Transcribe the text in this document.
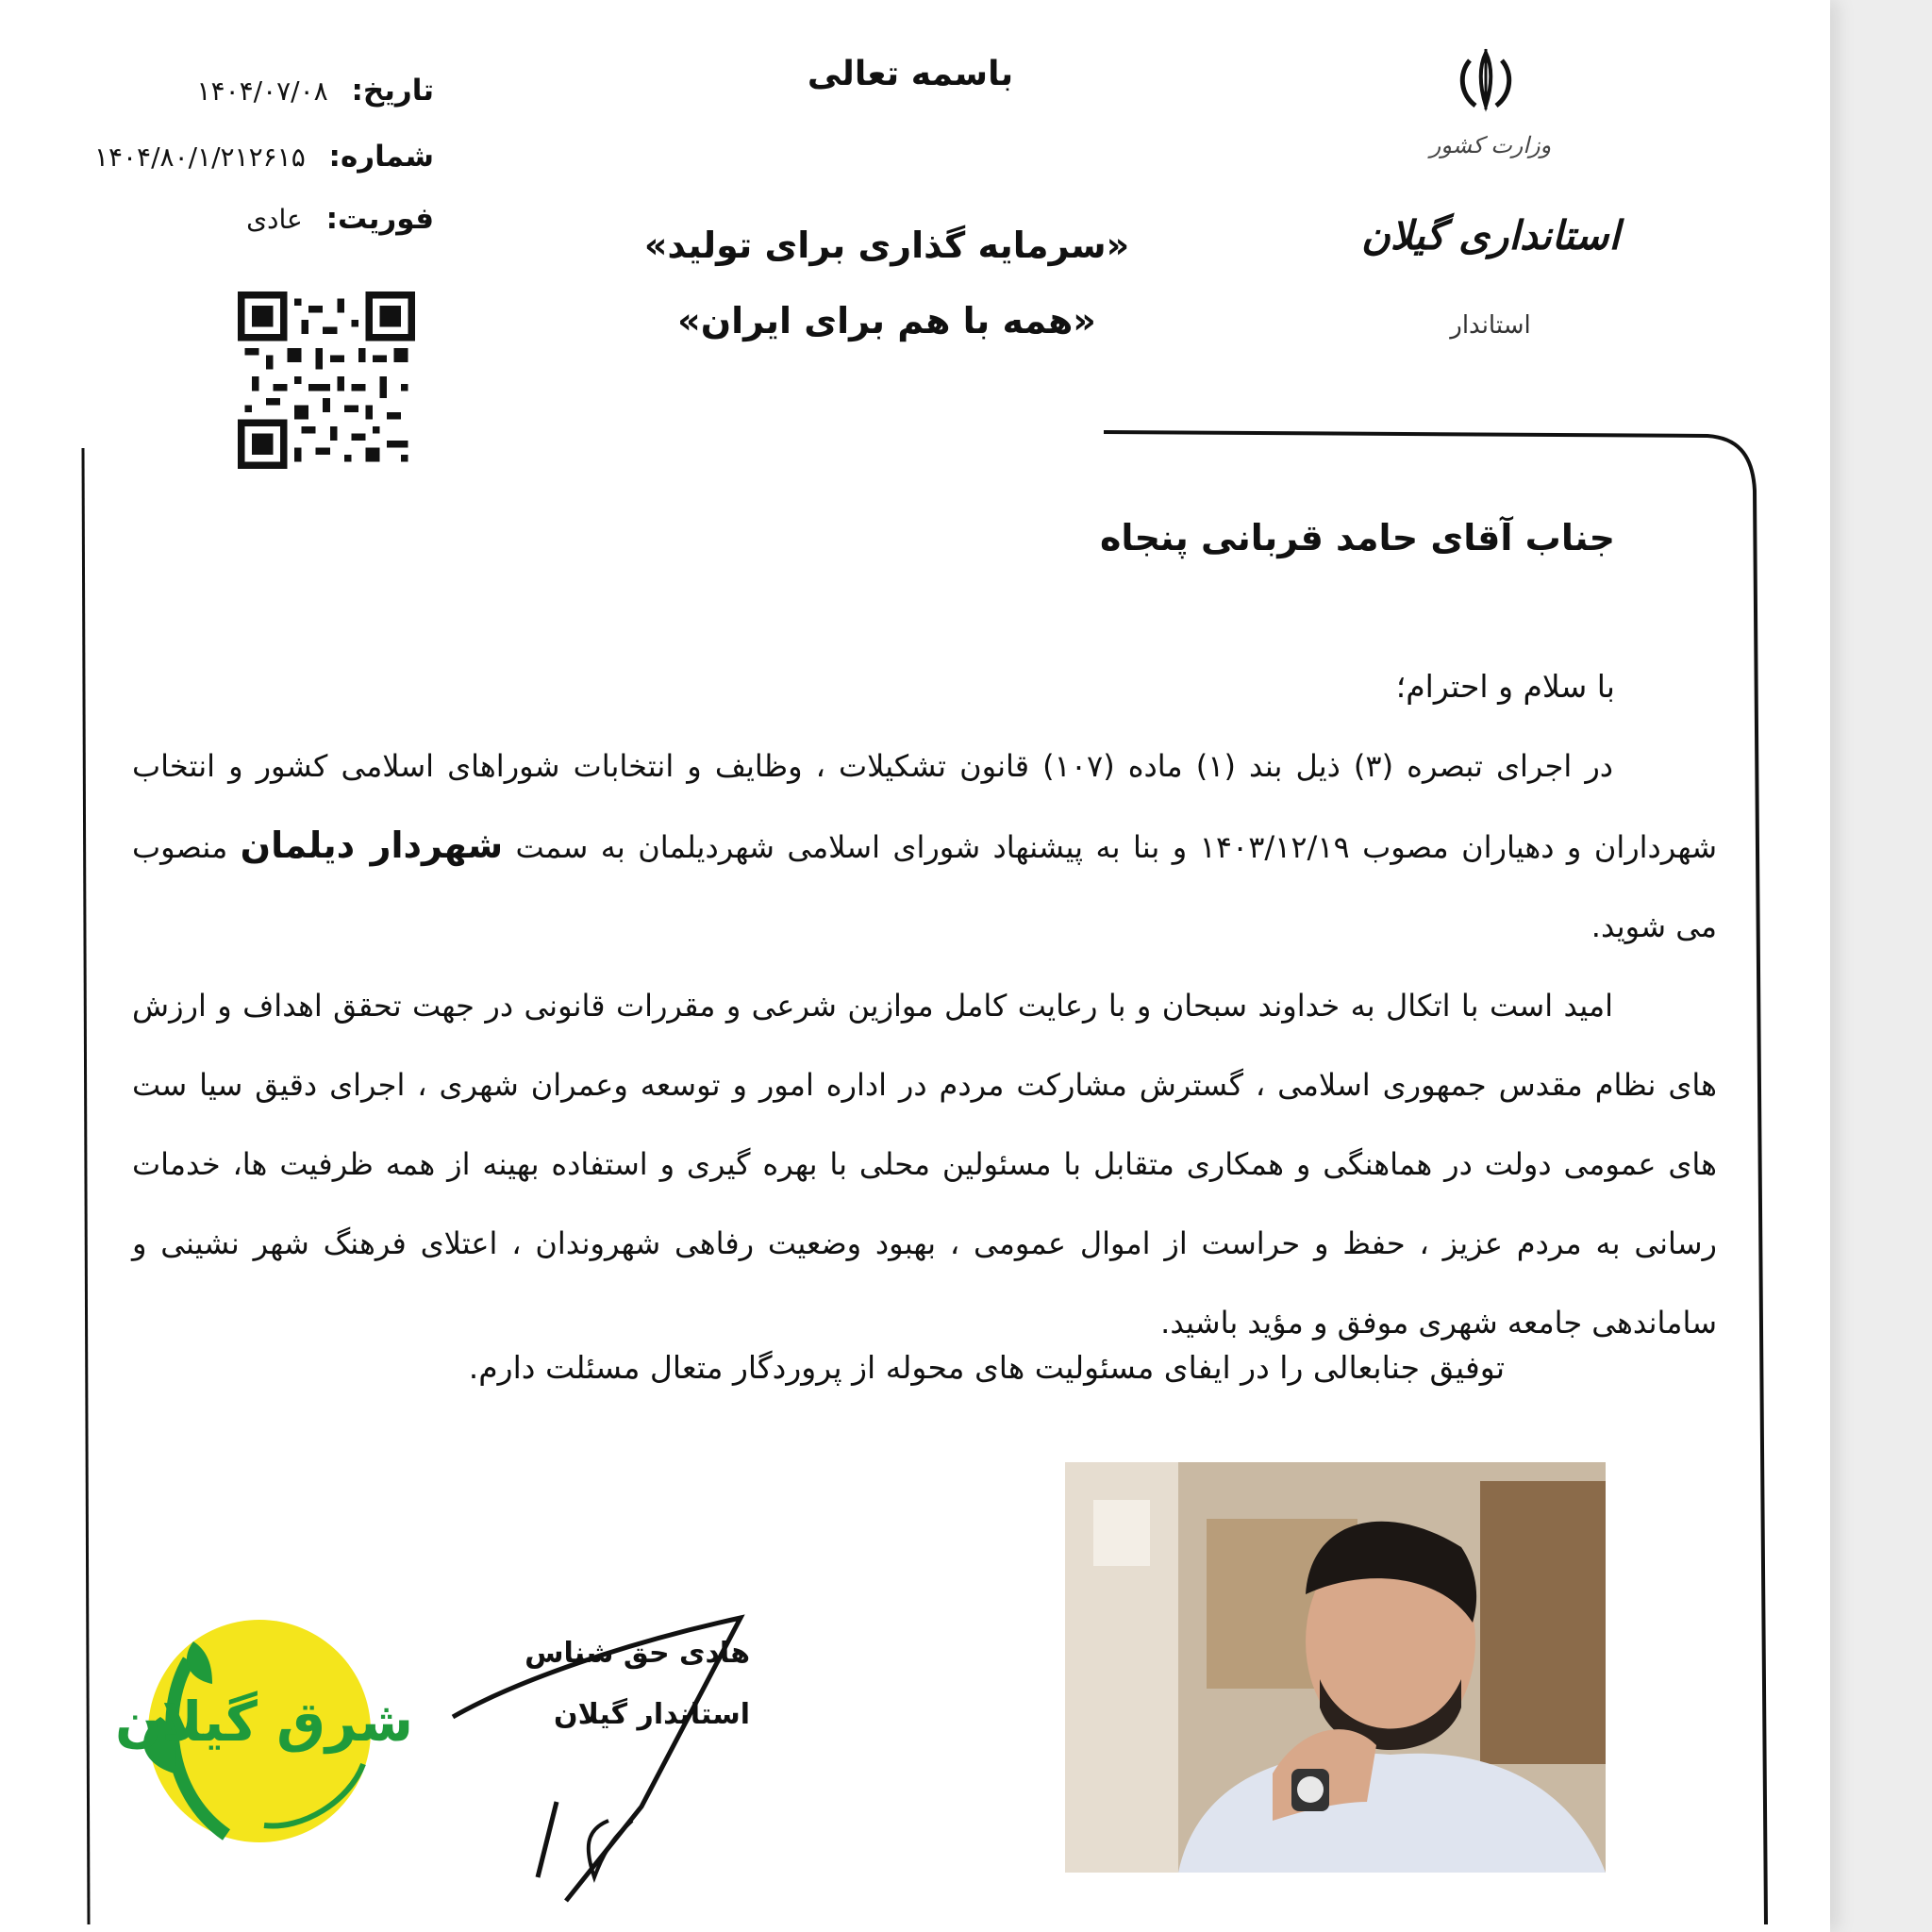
باسمه تعالی
«سرمایه گذاری برای تولید»
«همه با هم برای ایران»
وزارت کشور
استانداری گیلان
استاندار
تاریخ: ۱۴۰۴/۰۷/۰۸
شماره: ۱۴۰۴/۸۰/۱/۲۱۲۶۱۵
فوریت: عادی
جناب آقای حامد قربانی پنجاه
با سلام و احترام؛

در اجرای تبصره (۳) ذیل بند (۱) ماده (۱۰۷) قانون تشکیلات ، وظایف و انتخابات شوراهای اسلامی کشور و انتخاب شهرداران و دهیاران مصوب ۱۴۰۳/۱۲/۱۹ و بنا به پیشنهاد شورای اسلامی شهردیلمان به سمت شهردار دیلمان منصوب می شوید.

امید است با اتکال به خداوند سبحان و با رعایت کامل موازین شرعی و مقررات قانونی در جهت تحقق اهداف و ارزش های نظام مقدس جمهوری اسلامی ، گسترش مشارکت مردم در اداره امور و توسعه وعمران شهری ، اجرای دقیق سیا ست های عمومی دولت در هماهنگی و همکاری متقابل با مسئولین محلی با بهره گیری و استفاده بهینه از همه ظرفیت ها، خدمات رسانی به مردم عزیز ، حفظ و حراست از اموال عمومی ، بهبود وضعیت رفاهی شهروندان ، اعتلای فرهنگ شهر نشینی و ساماندهی جامعه شهری موفق و مؤید باشید.

توفیق جنابعالی را در ایفای مسئولیت های محوله از پروردگار متعال مسئلت دارم.
شرق گیلان
هادی حق شناس
استاندار گیلان
